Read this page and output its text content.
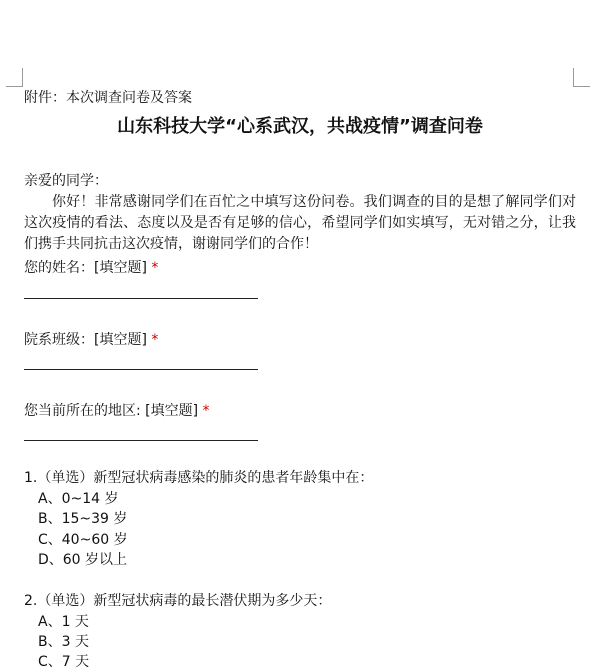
附件：本次调查问卷及答案
山东科技大学“心系武汉，共战疫情”调查问卷
亲爱的同学：
你好！非常感谢同学们在百忙之中填写这份问卷。我们调查的目的是想了解同学们对这次疫情的看法、态度以及是否有足够的信心，希望同学们如实填写，无对错之分，让我们携手共同抗击这次疫情，谢谢同学们的合作！
您的姓名：[填空题] *
院系班级：[填空题] *
您当前所在的地区: [填空题] *
1.（单选）新型冠状病毒感染的肺炎的患者年龄集中在：
A、0~14 岁
B、15~39 岁
C、40~60 岁
D、60 岁以上
2.（单选）新型冠状病毒的最长潜伏期为多少天：
A、1 天
B、3 天
C、7 天
